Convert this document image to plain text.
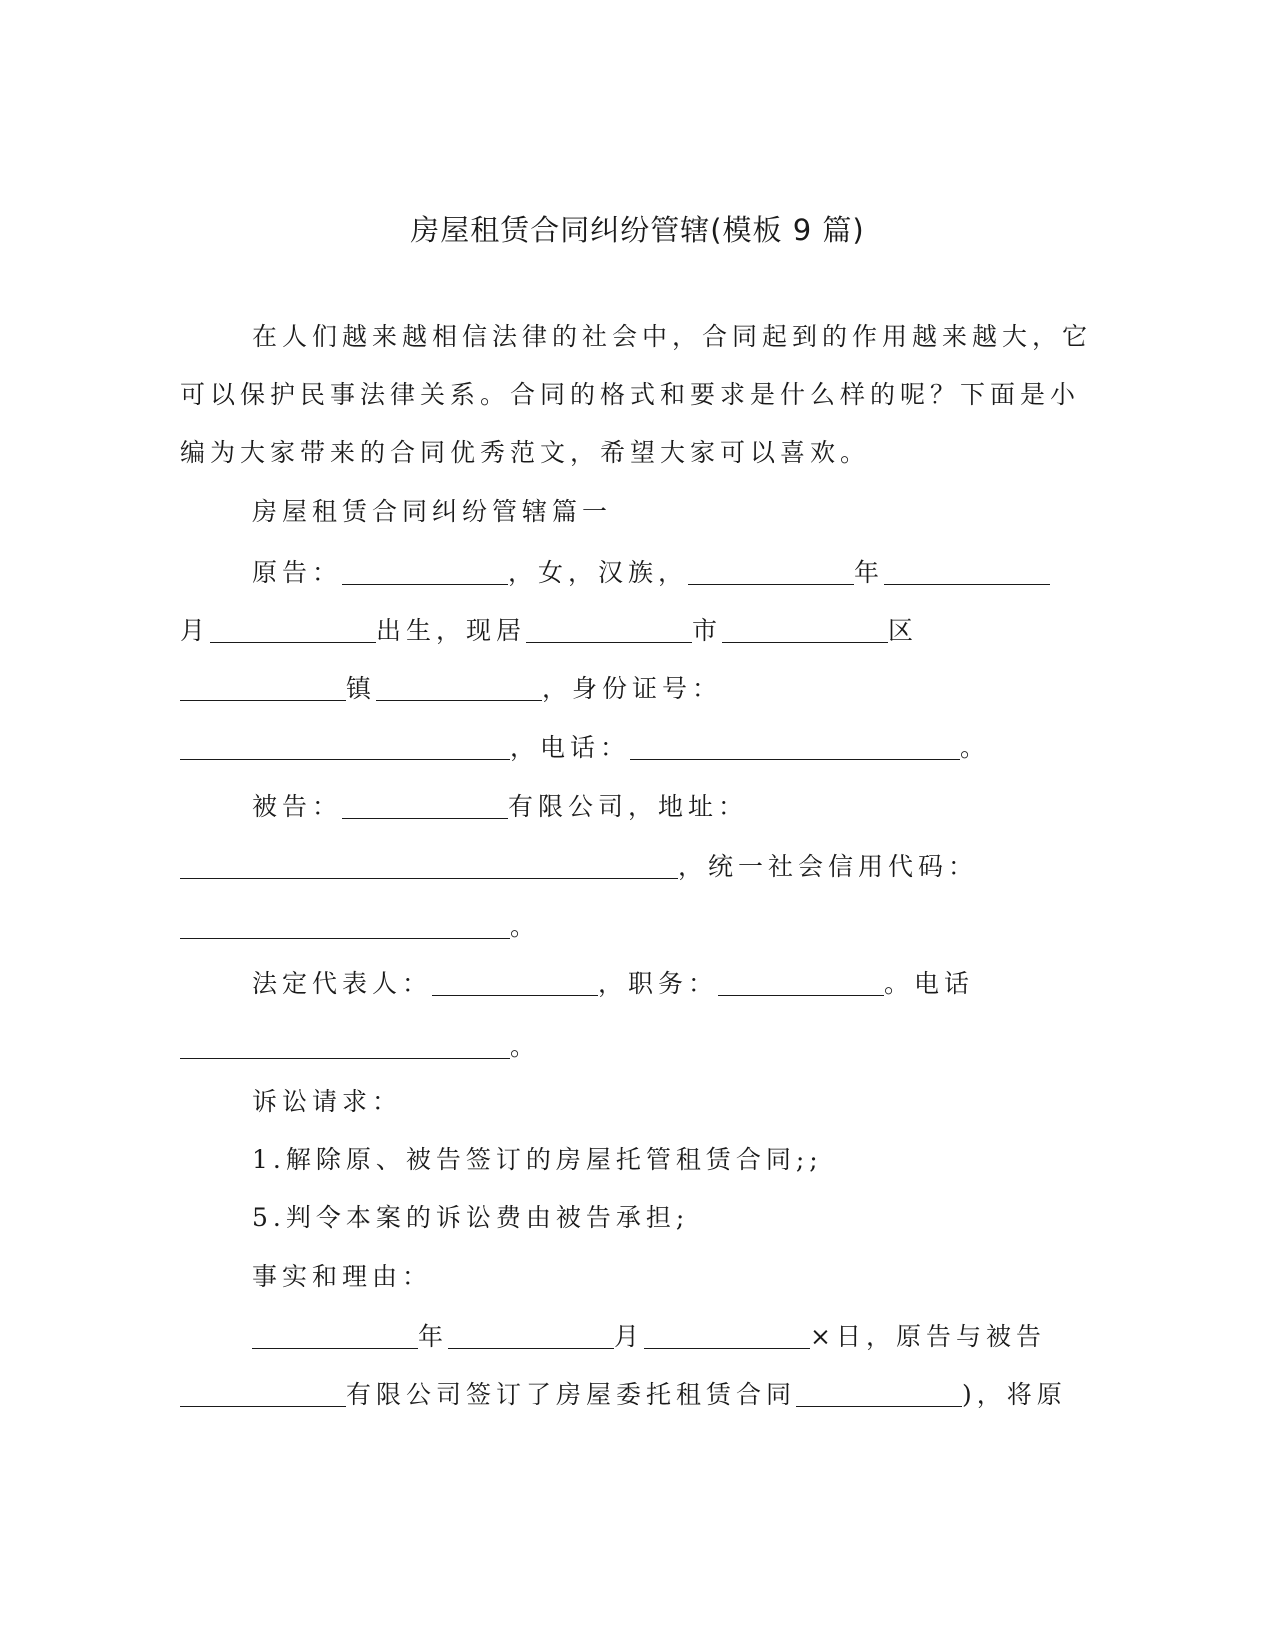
房屋租赁合同纠纷管辖(模板 9 篇)
在人们越来越相信法律的社会中，合同起到的作用越来越大，它
可以保护民事法律关系。合同的格式和要求是什么样的呢？下面是小
编为大家带来的合同优秀范文，希望大家可以喜欢。
房屋租赁合同纠纷管辖篇一
原告：	，女，汉族，	年
月	出生，现居	市	区
镇	，身份证号：
，电话：	。
被告：	有限公司，地址：
，统一社会信用代码：
。
法定代表人：	，职务：	。电话
。
诉讼请求：
1.解除原、被告签订的房屋托管租赁合同;;
5.判令本案的诉讼费由被告承担;
事实和理由：
年	月	×日，原告与被告
有限公司签订了房屋委托租赁合同	)，将原
